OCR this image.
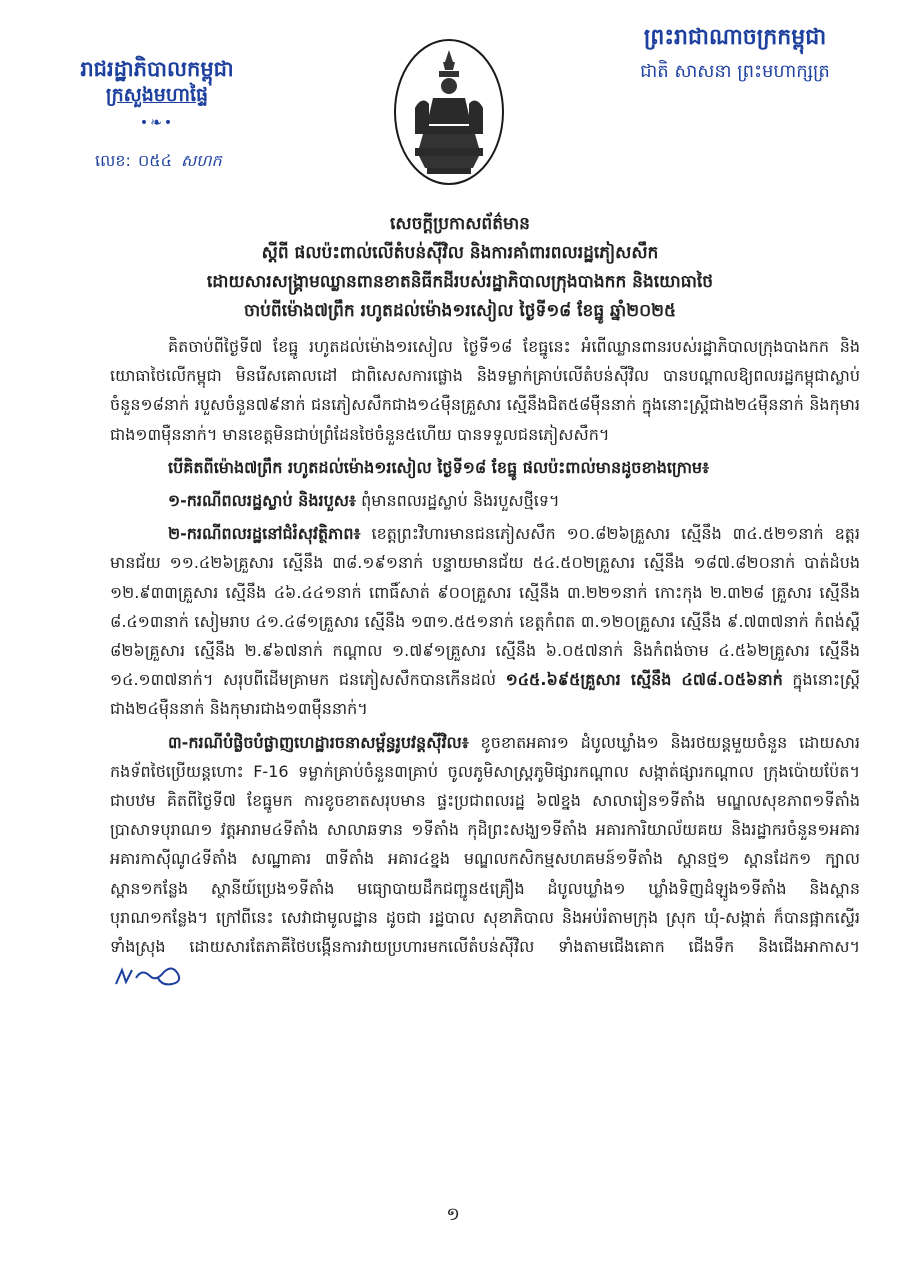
រាជរដ្ឋាភិបាលកម្ពុជា
ក្រសួងមហាផ្ទៃ
•❧•
លេខ: ០៥៤ សហក
ព្រះរាជាណាចក្រកម្ពុជា
ជាតិ សាសនា ព្រះមហាក្សត្រ
សេចក្តីប្រកាសព័ត៌មាន
ស្តីពី ផលប៉ះពាល់លើតំបន់ស៊ីវិល និងការគាំពារពលរដ្ឋភៀសសឹក
ដោយសារសង្គ្រាមឈ្លានពានខាតនិធីកដីរបស់រដ្ឋាភិបាលក្រុងបាងកក និងយោធាថៃ
ចាប់ពីម៉ោង៧ព្រឹក រហូតដល់ម៉ោង១រសៀល ថ្ងៃទី១៨ ខែធ្នូ ឆ្នាំ២០២៥

គិតចាប់ពីថ្ងៃទី៧ ខែធ្នូ រហូតដល់ម៉ោង១រសៀល ថ្ងៃទី១៨ ខែធ្នូនេះ អំពើឈ្លានពានរបស់រដ្ឋាភិបាលក្រុងបាងកក និងយោធាថៃលើកម្ពុជា មិនរើសគោលដៅ ជាពិសេសការផ្លោង និងទម្លាក់គ្រាប់លើតំបន់ស៊ីវិល បានបណ្តាលឱ្យពលរដ្ឋកម្ពុជាស្លាប់ចំនួន១៨នាក់ របួសចំនួន៧៩នាក់ ជនភៀសសឹកជាង១៤ម៉ឺនគ្រួសារ ស្មើនឹងជិត៥៨ម៉ឺននាក់ ក្នុងនោះស្រ្តីជាង២៤ម៉ឺននាក់ និងកុមារជាង១៣ម៉ឺននាក់។ មានខេត្តមិនជាប់ព្រំដែនថៃចំនួន៥ហើយ បានទទួលជនភៀសសឹក។

បើគិតពីម៉ោង៧ព្រឹក រហូតដល់ម៉ោង១រសៀល ថ្ងៃទី១៨ ខែធ្នូ ផលប៉ះពាល់មានដូចខាងក្រោម៖

១-ករណីពលរដ្ឋស្លាប់ និងរបួស៖ ពុំមានពលរដ្ឋស្លាប់ និងរបួសថ្មីទេ។

២-ករណីពលរដ្ឋនៅជំរំសុវត្ថិភាព៖ ខេត្តព្រះវិហារមានជនភៀសសឹក ១០.៨២៦គ្រួសារ ស្មើនឹង ៣៤.៥២១នាក់ ឧត្តរមានជ័យ ១១.៤២៦គ្រួសារ ស្មើនឹង ៣៨.១៩១នាក់ បន្ទាយមានជ័យ ៥៤.៥០២គ្រួសារ ស្មើនឹង ១៨៧.៨២០នាក់ បាត់ដំបង ១២.៩៣៣គ្រួសារ ស្មើនឹង ៤៦.៤៤១នាក់ ពោធិ៍សាត់ ៩០០គ្រួសារ ស្មើនឹង ៣.២២១នាក់ កោះកុង ២.៣២៨ គ្រួសារ ស្មើនឹង ៨.៤១៣នាក់ សៀមរាប ៤១.៤៨១គ្រួសារ ស្មើនឹង ១៣១.៥៥១នាក់ ខេត្តកំពត ៣.១២០គ្រួសារ ស្មើនឹង ៩.៧៣៧នាក់ កំពង់ស្ពឺ ៨២៦គ្រួសារ ស្មើនឹង ២.៩៦៧នាក់ កណ្តាល ១.៧៩១គ្រួសារ ស្មើនឹង ៦.០៥៧នាក់ និងកំពង់ចាម ៤.៥៦២គ្រួសារ ស្មើនឹង ១៤.១៣៧នាក់។ សរុបពីដើមគ្រាមក ជនភៀសសឹកបានកើនដល់ ១៤៥.៦៩៥គ្រួសារ ស្មើនឹង ៤៧៨.០៥៦នាក់ ក្នុងនោះស្រ្តីជាង២៤ម៉ឺននាក់ និងកុមារជាង១៣ម៉ឺននាក់។

៣-ករណីបំផ្លិចបំផ្លាញហេដ្ឋារចនាសម្ព័ន្ធរូបវន្តស៊ីវិល៖ ខូចខាតអគារ១ ដំបូលឃ្លាំង១ និងរថយន្តមួយចំនួន ដោយសារកងទ័ពថៃប្រើយន្តហោះ F-16 ទម្លាក់គ្រាប់ចំនួន៣គ្រាប់ ចូលភូមិសាស្ត្រភូមិផ្សារកណ្តាល សង្កាត់ផ្សារកណ្តាល ក្រុងប៉ោយប៉ែត។ ជាបឋម គិតពីថ្ងៃទី៧ ខែធ្នូមក ការខូចខាតសរុបមាន ផ្ទះប្រជាពលរដ្ឋ ៦៧ខ្នង សាលារៀន១ទីតាំង មណ្ឌលសុខភាព១ទីតាំង ប្រាសាទបុរាណ១ វត្តអារាម៤ទីតាំង សាលាឆទាន ១ទីតាំង កុដិព្រះសង្ឃ១ទីតាំង អគារការិយាល័យគយ និងរដ្ឋាករចំនួន១អគារ អគារកាស៊ីណូ៤ទីតាំង សណ្ឋាគារ ៣ទីតាំង អគារ៤ខ្នង មណ្ឌលកសិកម្មសហគមន៍១ទីតាំង ស្ពានថ្ម១ ស្ពានដែក១ ក្បាលស្ពាន១កន្លែង ស្ថានីយ៍ប្រេង១ទីតាំង មធ្យោបាយដឹកជញ្ជូន៥គ្រឿង ដំបូលឃ្លាំង១ ឃ្លាំងទិញដំឡូង១ទីតាំង និងស្ពានបុរាណ១កន្លែង។ ក្រៅពីនេះ សេវាជាមូលដ្ឋាន ដូចជា រដ្ឋបាល សុខាភិបាល និងអប់រំតាមក្រុង ស្រុក ឃុំ-សង្កាត់ ក៏បានផ្អាកស្ទើរទាំងស្រុង ដោយសារតែភាគីថៃបង្កើនការវាយប្រហារមកលើតំបន់ស៊ីវិល ទាំងតាមជើងគោក ជើងទឹក និងជើងអាកាស។

១
